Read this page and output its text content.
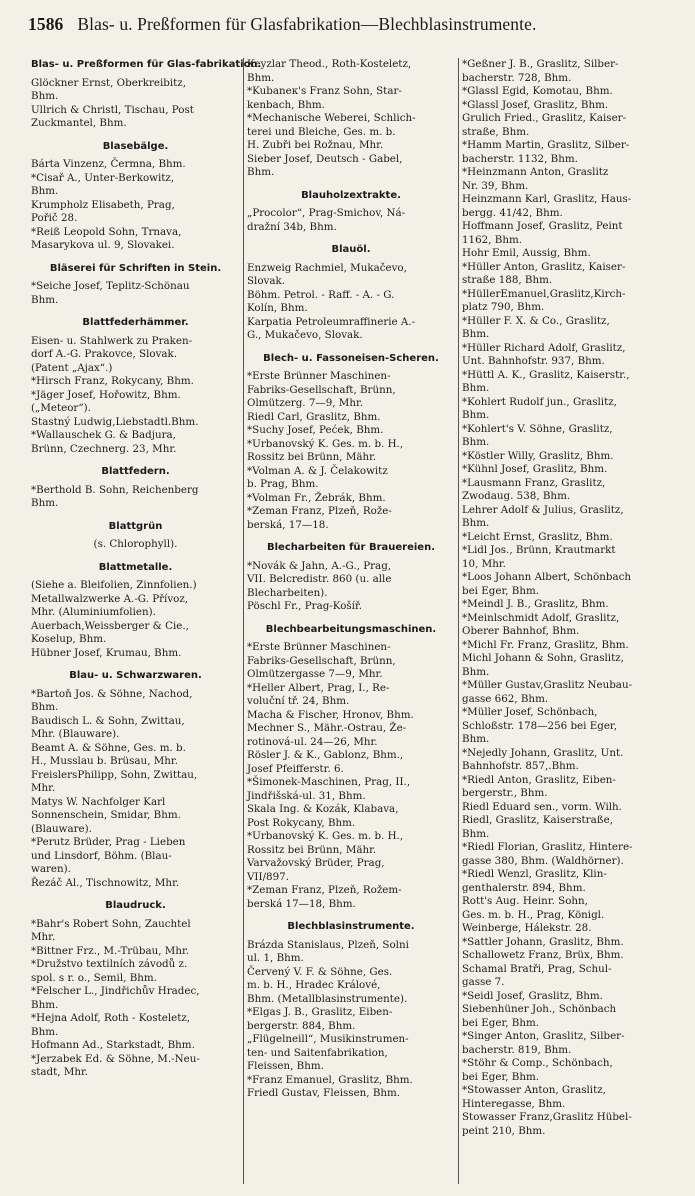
1586 Blas- u. Preßformen für Glasfabrikation—Blechblasinstrumente.
Blas- u. Preßformen für Glas-fabrikation.
Glöckner Ernst, Oberkreibitz,
Bhm.
Ullrich & Christl, Tischau, Post
Zuckmantel, Bhm.
Blasebälge.
Bárta Vinzenz, Čermna, Bhm.
*Cisař A., Unter-Berkowitz,
Bhm.
Krumpholz Elisabeth, Prag,
Pořič 28.
*Reiß Leopold Sohn, Trnava,
Masarykova ul. 9, Slovakei.
Bläserei für Schriften in Stein.
*Seiche Josef, Teplitz-Schönau
Bhm.
Blattfederhämmer.
Eisen- u. Stahlwerk zu Praken-
dorf A.-G. Prakovce, Slovak.
(Patent „Ajax“.)
*Hirsch Franz, Rokycany, Bhm.
*Jäger Josef, Hořowitz, Bhm.
(„Meteor“).
Stastný Ludwig,Liebstadtl.Bhm.
*Wallauschek G. & Badjura,
Brünn, Czechnerg. 23, Mhr.
Blattfedern.
*Berthold B. Sohn, Reichenberg
Bhm.
Blattgrün
(s. Chlorophyll).
Blattmetalle.
(Siehe a. Bleifolien, Zinnfolien.)
Metallwalzwerke A.-G. Přívoz,
Mhr. (Aluminiumfolien).
Auerbach,Weissberger & Cie.,
Koselup, Bhm.
Hübner Josef, Krumau, Bhm.
Blau- u. Schwarzwaren.
*Bartoň Jos. & Söhne, Nachod,
Bhm.
Baudisch L. & Sohn, Zwittau,
Mhr. (Blauware).
Beamt A. & Söhne, Ges. m. b.
H., Musslau b. Brüsau, Mhr.
FreislersPhilipp, Sohn, Zwittau,
Mhr.
Matys W. Nachfolger Karl
Sonnenschein, Smidar, Bhm.
(Blauware).
*Perutz Brüder, Prag - Lieben
und Linsdorf, Böhm. (Blau-
waren).
Řezáč Al., Tischnowitz, Mhr.
Blaudruck.
*Bahr's Robert Sohn, Zauchtel
Mhr.
*Bittner Frz., M.-Trübau, Mhr.
*Družstvo textilních závodů z.
spol. s r. o., Semil, Bhm.
*Felscher L., Jindřichův Hradec,
Bhm.
*Hejna Adolf, Roth - Kosteletz,
Bhm.
Hofmann Ad., Starkstadt, Bhm.
*Jerzabek Ed. & Söhne, M.-Neu-
stadt, Mhr.
Keyzlar Theod., Roth-Kosteletz,
Bhm.
*Kubaneк's Franz Sohn, Star-
kenbach, Bhm.
*Mechanische Weberei, Schlich-
terei und Bleiche, Ges. m. b.
H. Zubři bei Rožnau, Mhr.
Sieber Josef, Deutsch - Gabel,
Bhm.
Blauholzextrakte.
„Procolor“, Prag-Smichov, Ná-
dražní 34b, Bhm.
Blauöl.
Enzweig Rachmiel, Mukačevo,
Slovak.
Böhm. Petrol. - Raff. - A. - G.
Kolín, Bhm.
Karpatia Petroleumraffinerie A.-
G., Mukačevo, Slovak.
Blech- u. Fassoneisen-Scheren.
*Erste Brünner Maschinen-
Fabriks-Gesellschaft, Brünn,
Olmützerg. 7—9, Mhr.
Riedl Carl, Graslitz, Bhm.
*Suchy Josef, Pećek, Bhm.
*Urbanovský K. Ges. m. b. H.,
Rossitz bei Brünn, Mähr.
*Volman A. & J. Čelakowitz
b. Prag, Bhm.
*Volman Fr., Žebrák, Bhm.
*Zeman Franz, Plzeň, Rože-
berská, 17—18.
Blecharbeiten für Brauereien.
*Novák & Jahn, A.-G., Prag,
VII. Belcredistr. 860 (u. alle
Blecharbeiten).
Pöschl Fr., Prag-Košíř.
Blechbearbeitungsmaschinen.
*Erste Brünner Maschinen-
Fabriks-Gesellschaft, Brünn,
Olmützergasse 7—9, Mhr.
*Heller Albert, Prag, I., Re-
voluční tř. 24, Bhm.
Macha & Fischer, Hronov, Bhm.
Mechner S., Mähr.-Ostrau, Že-
rotinová-ul. 24—26, Mhr.
Rösler J. & K., Gablonz, Bhm.,
Josef Pfeifferstr. 6.
*Šimonek-Maschinen, Prag, II.,
Jindřišská-ul. 31, Bhm.
Skala Ing. & Kozák, Klabava,
Post Rokycany, Bhm.
*Urbanovský K. Ges. m. b. H.,
Rossitz bei Brünn, Mähr.
Varvažovský Brüder, Prag,
VII/897.
*Zeman Franz, Plzeň, Rožem-
berská 17—18, Bhm.
Blechblasinstrumente.
Brázda Stanislaus, Plzeň, Solni
ul. 1, Bhm.
Červený V. F. & Söhne, Ges.
m. b. H., Hradec Králové,
Bhm. (Metallblasinstrumente).
*Elgas J. B., Graslitz, Eiben-
bergerstr. 884, Bhm.
„Flügelneill“, Musikinstrumen-
ten- und Saitenfabrikation,
Fleissen, Bhm.
*Franz Emanuel, Graslitz, Bhm.
Friedl Gustav, Fleissen, Bhm.
*Geßner J. B., Graslitz, Silber-
bacherstr. 728, Bhm.
*Glassl Egid, Komotau, Bhm.
*Glassl Josef, Graslitz, Bhm.
Grulich Fried., Graslitz, Kaiser-
straße, Bhm.
*Hamm Martin, Graslitz, Silber-
bacherstr. 1132, Bhm.
*Heinzmann Anton, Graslitz
Nr. 39, Bhm.
Heinzmann Karl, Graslitz, Haus-
bergg. 41/42, Bhm.
Hoffmann Josef, Graslitz, Peint
1162, Bhm.
Hohr Emil, Aussig, Bhm.
*Hüller Anton, Graslitz, Kaiser-
straße 188, Bhm.
*HüllerEmanuel,Graslitz,Kirch-
platz 790, Bhm.
*Hüller F. X. & Co., Graslitz,
Bhm.
*Hüller Richard Adolf, Graslitz,
Unt. Bahnhofstr. 937, Bhm.
*Hüttl A. K., Graslitz, Kaiserstr.,
Bhm.
*Kohlert Rudolf jun., Graslitz,
Bhm.
*Kohlert's V. Söhne, Graslitz,
Bhm.
*Köstler Willy, Graslitz, Bhm.
*Kühnl Josef, Graslitz, Bhm.
*Lausmann Franz, Graslitz,
Zwodaug. 538, Bhm.
Lehrer Adolf & Julius, Graslitz,
Bhm.
*Leicht Ernst, Graslitz, Bhm.
*Lidl Jos., Brünn, Krautmarkt
10, Mhr.
*Loos Johann Albert, Schönbach
bei Eger, Bhm.
*Meindl J. B., Graslitz, Bhm.
*Meinlschmidt Adolf, Graslitz,
Oberer Bahnhof, Bhm.
*Michl Fr. Franz, Graslitz, Bhm.
Michl Johann & Sohn, Graslitz,
Bhm.
*Müller Gustav,Graslitz Neubau-
gasse 662, Bhm.
*Müller Josef, Schönbach,
Schloßstr. 178—256 bei Eger,
Bhm.
*Nejedly Johann, Graslitz, Unt.
Bahnhofstr. 857,.Bhm.
*Riedl Anton, Graslitz, Eiben-
bergerstr., Bhm.
Riedl Eduard sen., vorm. Wilh.
Riedl, Graslitz, Kaiserstraße,
Bhm.
*Riedl Florian, Graslitz, Hintere-
gasse 380, Bhm. (Waldhörner).
*Riedl Wenzl, Graslitz, Klin-
genthalerstr. 894, Bhm.
Rott's Aug. Heinr. Sohn,
Ges. m. b. H., Prag, Königl.
Weinberge, Hálekstr. 28.
*Sattler Johann, Graslitz, Bhm.
Schallowetz Franz, Brüx, Bhm.
Schamal Bratři, Prag, Schul-
gasse 7.
*Seidl Josef, Graslitz, Bhm.
Siebenhüner Joh., Schönbach
bei Eger, Bhm.
*Singer Anton, Graslitz, Silber-
bacherstr. 819, Bhm.
*Stöhr & Comp., Schönbach,
bei Eger, Bhm.
*Stowasser Anton, Graslitz,
Hinteregasse, Bhm.
Stowasser Franz,Graslitz Hübel-
peint 210, Bhm.
